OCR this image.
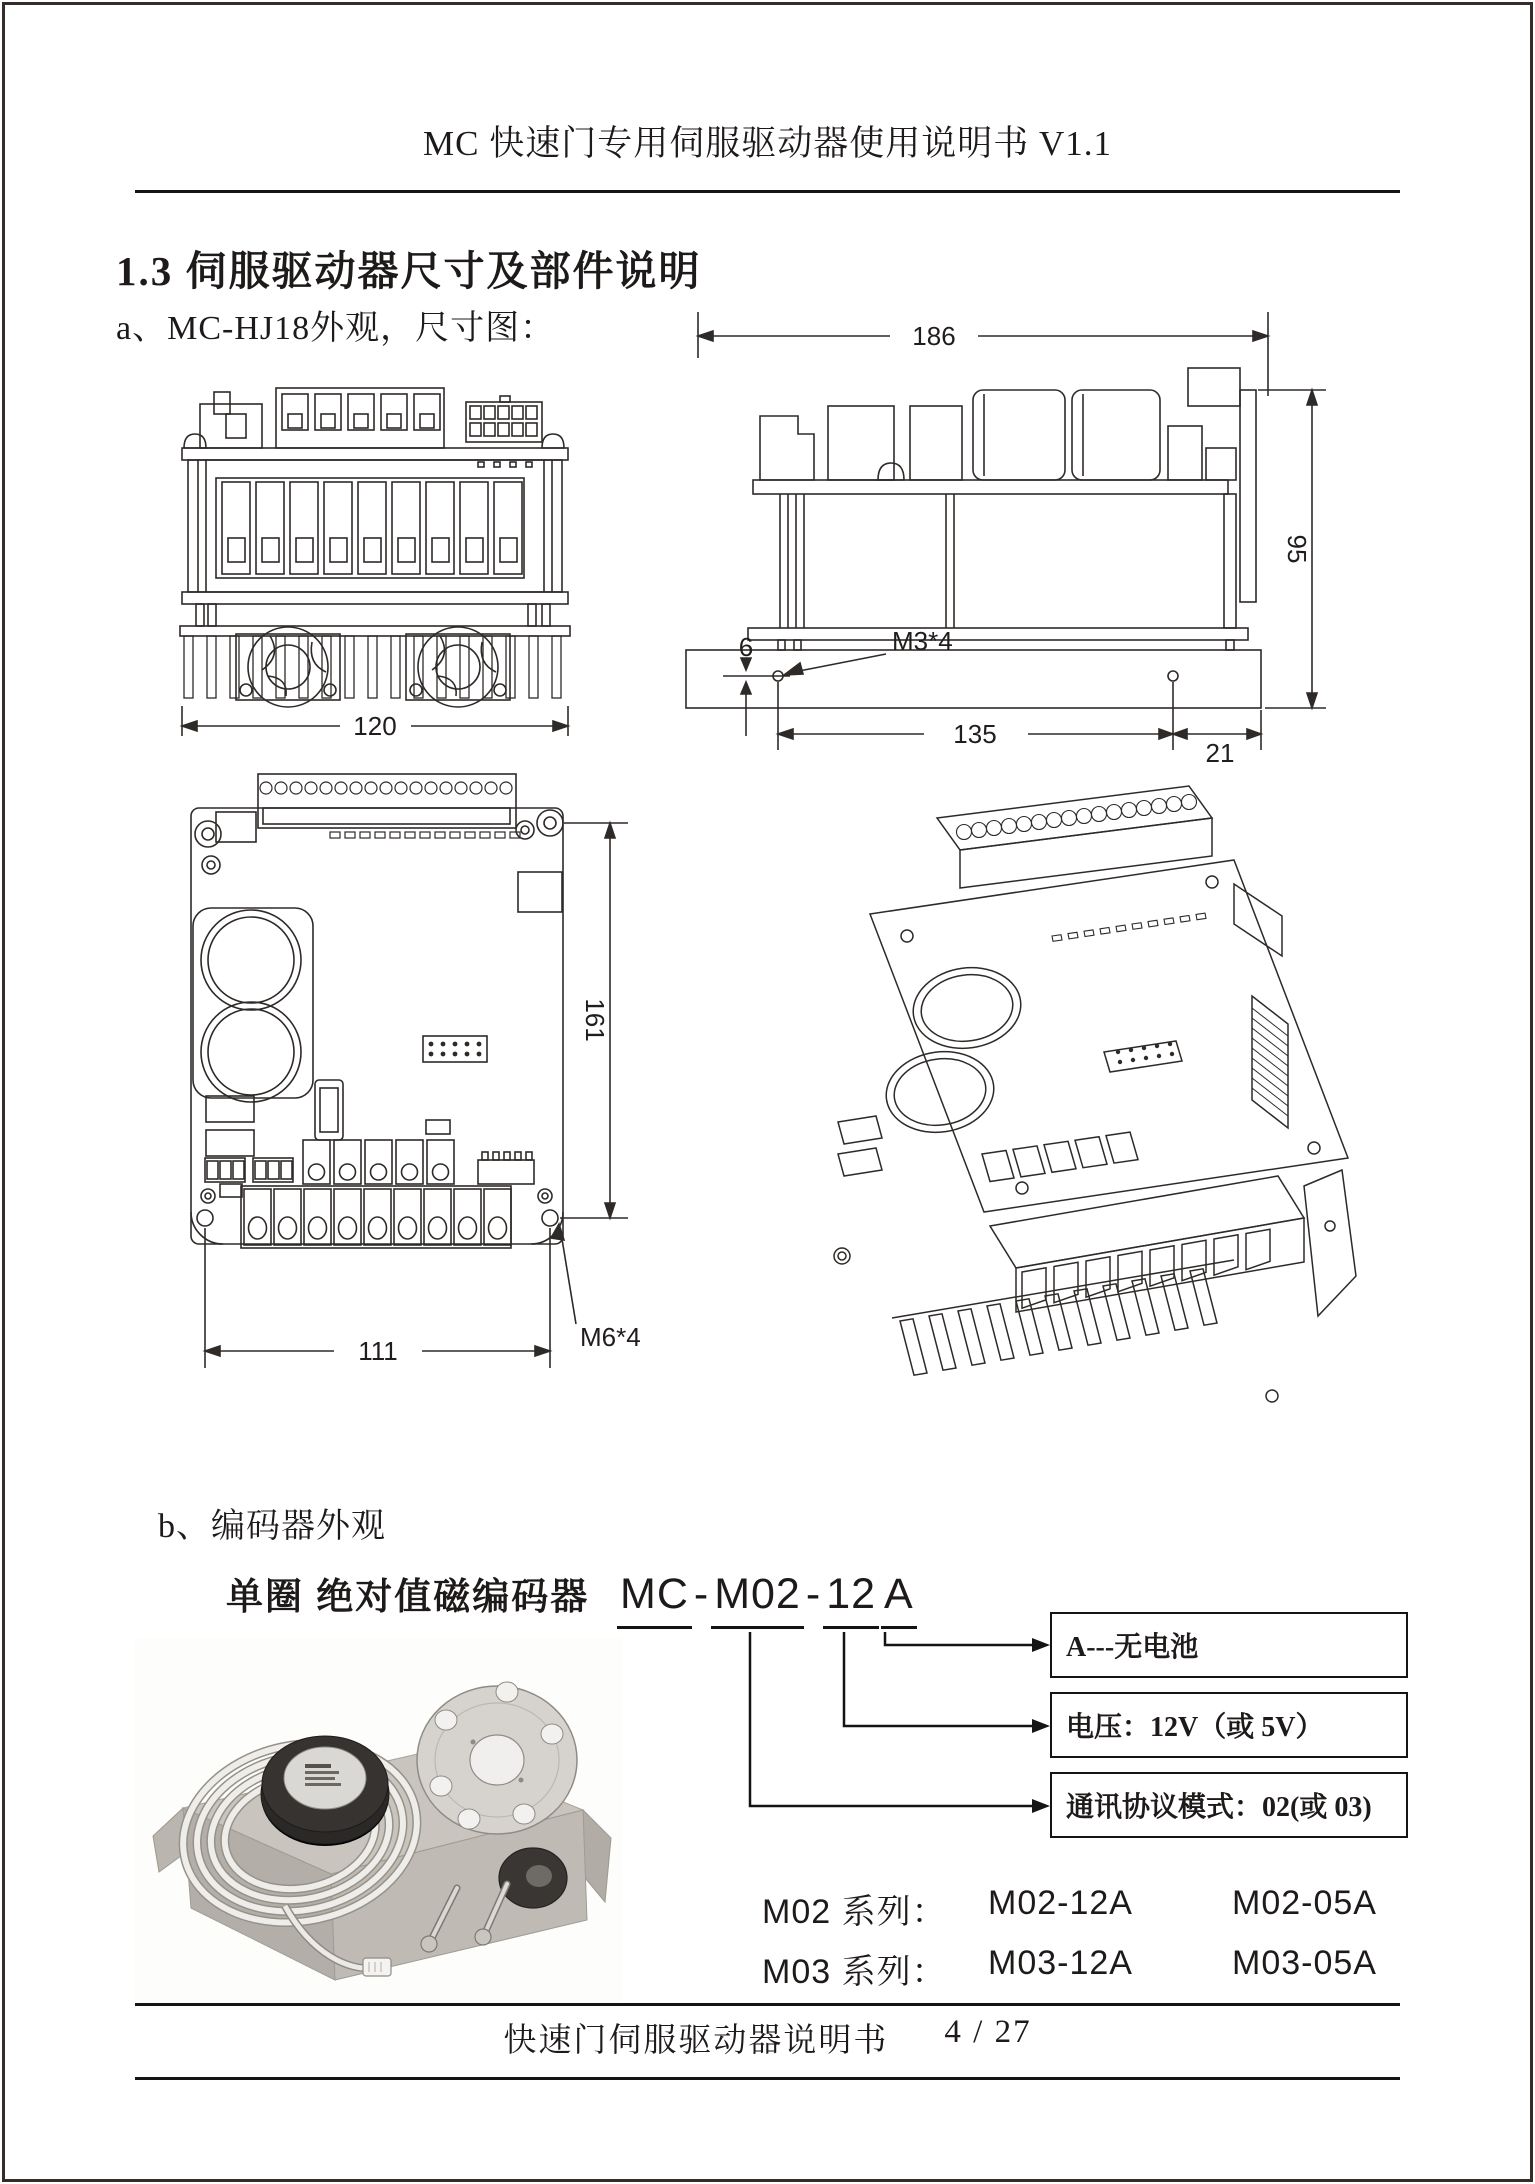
MC 快速门专用伺服驱动器使用说明书 V1.1
1.3 伺服驱动器尺寸及部件说明
a、MC-HJ18外观，尺寸图：
120
186
6	M3*4
95
135
21
161
111	M6*4
b、编码器外观
单圈 绝对值磁编码器 MC - M02 - 12 A
A---无电池
电压：12V（或 5V）
通讯协议模式：02(或 03)
M02 系列： M02-12A	M02-05A
M03 系列： M03-12A	M03-05A
快速门伺服驱动器说明书 4 / 27
